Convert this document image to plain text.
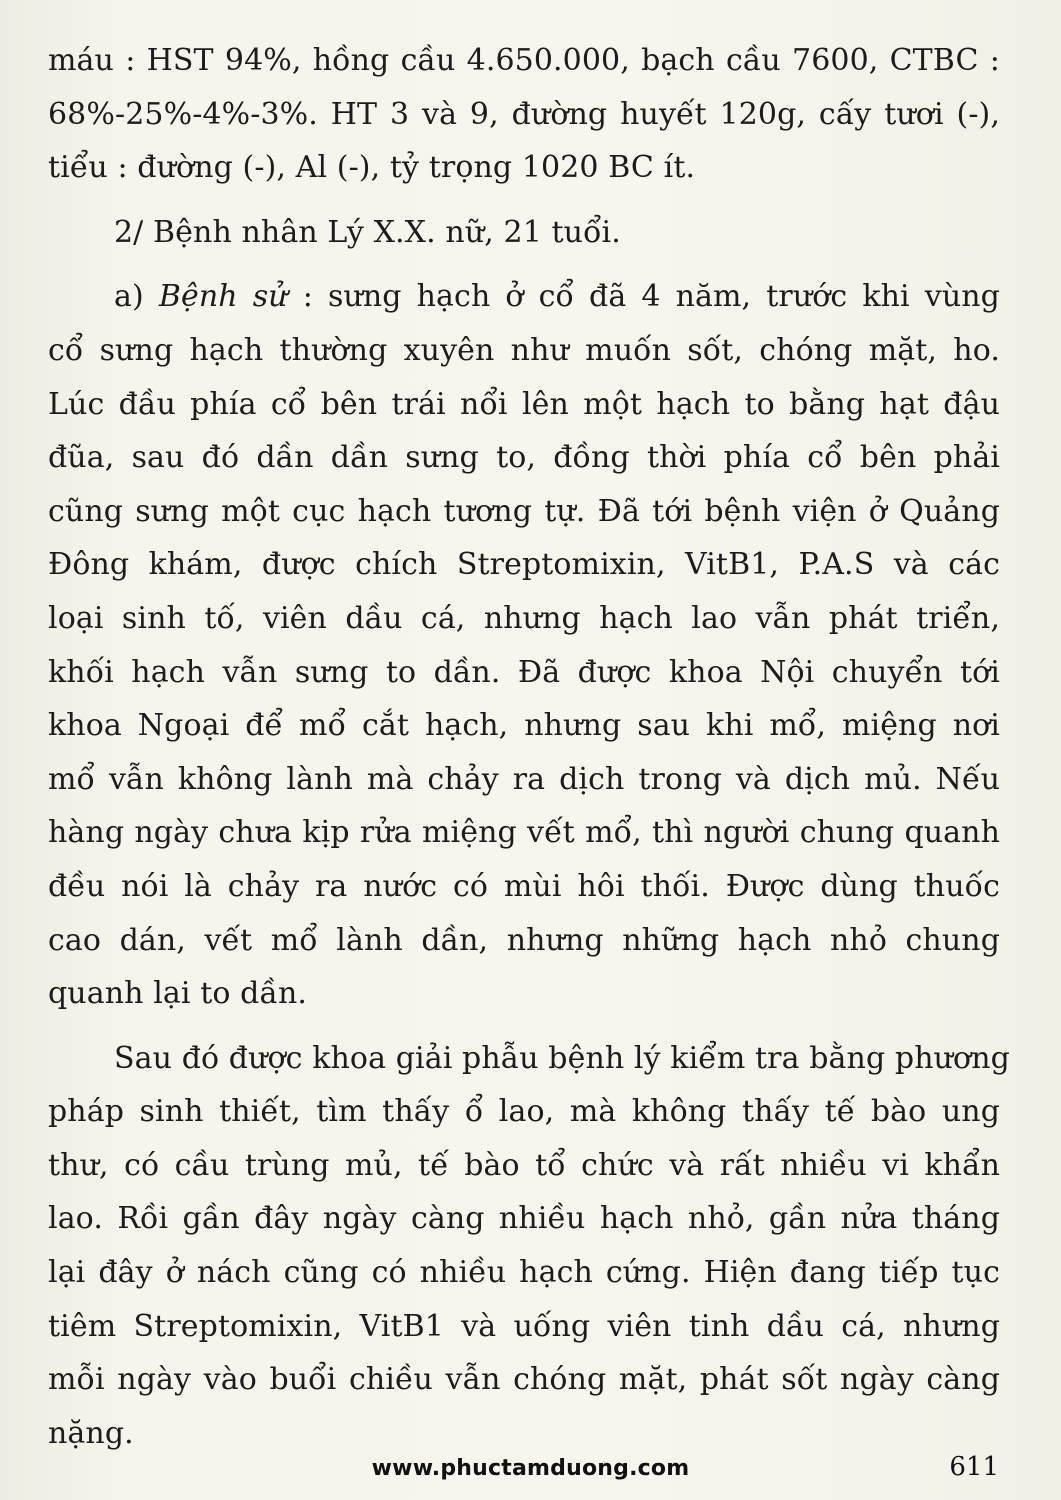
máu : HST 94%, hồng cầu 4.650.000, bạch cầu 7600, CTBC :
68%-25%-4%-3%. HT 3 và 9, đường huyết 120g, cấy tươi (-),
tiểu : đường (-), Al (-), tỷ trọng 1020 BC ít.
2/ Bệnh nhân Lý X.X. nữ, 21 tuổi.
a) Bệnh sử : sưng hạch ở cổ đã 4 năm, trước khi vùng
cổ sưng hạch thường xuyên như muốn sốt, chóng mặt, ho.
Lúc đầu phía cổ bên trái nổi lên một hạch to bằng hạt đậu
đũa, sau đó dần dần sưng to, đồng thời phía cổ bên phải
cũng sưng một cục hạch tương tự. Đã tới bệnh viện ở Quảng
Đông khám, được chích Streptomixin, VitB1, P.A.S và các
loại sinh tố, viên dầu cá, nhưng hạch lao vẫn phát triển,
khối hạch vẫn sưng to dần. Đã được khoa Nội chuyển tới
khoa Ngoại để mổ cắt hạch, nhưng sau khi mổ, miệng nơi
mổ vẫn không lành mà chảy ra dịch trong và dịch mủ. Nếu
hàng ngày chưa kịp rửa miệng vết mổ, thì người chung quanh
đều nói là chảy ra nước có mùi hôi thối. Được dùng thuốc
cao dán, vết mổ lành dần, nhưng những hạch nhỏ chung
quanh lại to dần.
Sau đó được khoa giải phẫu bệnh lý kiểm tra bằng phương
pháp sinh thiết, tìm thấy ổ lao, mà không thấy tế bào ung
thư, có cầu trùng mủ, tế bào tổ chức và rất nhiều vi khẩn
lao. Rồi gần đây ngày càng nhiều hạch nhỏ, gần nửa tháng
lại đây ở nách cũng có nhiều hạch cứng. Hiện đang tiếp tục
tiêm Streptomixin, VitB1 và uống viên tinh dầu cá, nhưng
mỗi ngày vào buổi chiều vẫn chóng mặt, phát sốt ngày càng
nặng.
www.phuctamduong.com	611
